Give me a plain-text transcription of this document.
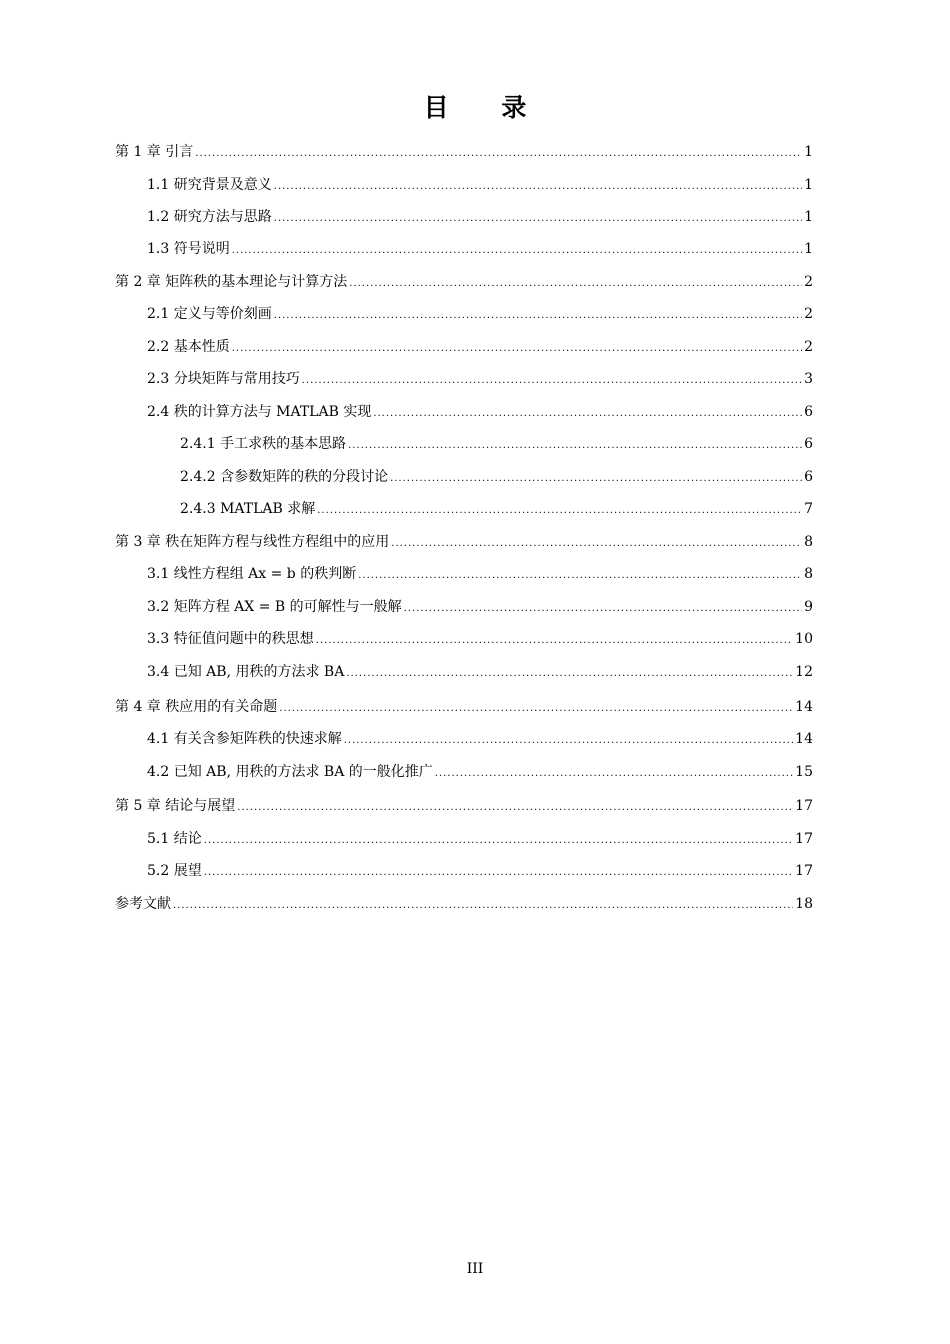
目 录
第 1 章 引言 .....	1
1.1 研究背景及意义 .....	1
1.2 研究方法与思路 .....	1
1.3 符号说明 .....	1
第 2 章 矩阵秩的基本理论与计算方法 .....	2
2.1 定义与等价刻画 .....	2
2.2 基本性质 .....	2
2.3 分块矩阵与常用技巧 .....	3
2.4 秩的计算方法与 MATLAB 实现 .....	6
2.4.1 手工求秩的基本思路 .....	6
2.4.2 含参数矩阵的秩的分段讨论 .....	6
2.4.3 MATLAB 求解 .....	7
第 3 章 秩在矩阵方程与线性方程组中的应用 .....	8
3.1 线性方程组 Ax = b 的秩判断 .....	8
3.2 矩阵方程 AX = B 的可解性与一般解 .....	9
3.3 特征值问题中的秩思想 .....	10
3.4 已知 AB, 用秩的方法求 BA .....	12
第 4 章 秩应用的有关命题 .....	14
4.1 有关含参矩阵秩的快速求解 .....	14
4.2 已知 AB, 用秩的方法求 BA 的一般化推广 .....	15
第 5 章 结论与展望 .....	17
5.1 结论 .....	17
5.2 展望 .....	17
参考文献 .....	18
III
